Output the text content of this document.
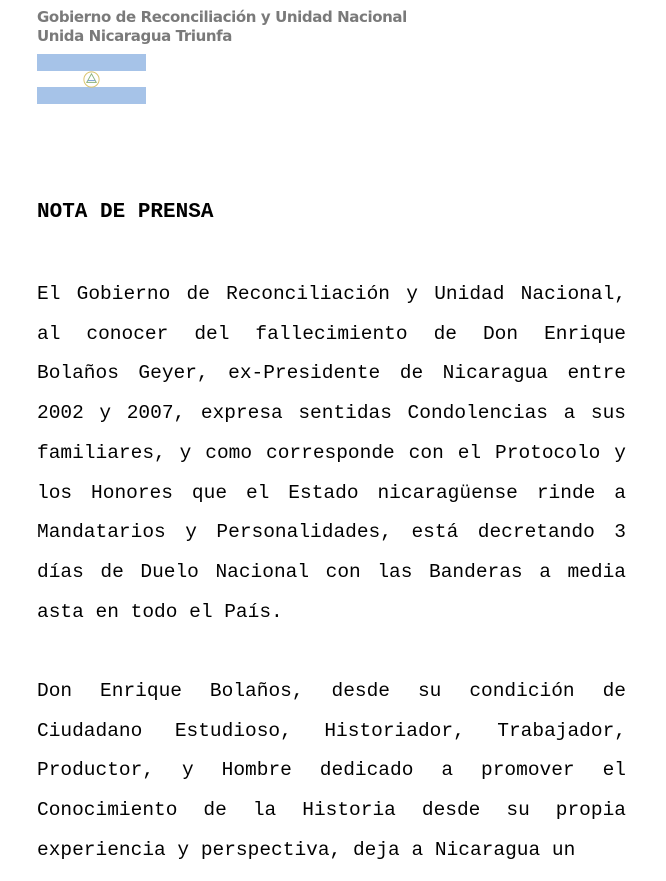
Gobierno de Reconciliación y Unidad Nacional
Unida Nicaragua Triunfa
NOTA DE PRENSA

El Gobierno de Reconciliación y Unidad Nacional, al conocer del fallecimiento de Don Enrique Bolaños Geyer, ex-Presidente de Nicaragua entre 2002 y 2007, expresa sentidas Condolencias a sus familiares, y como corresponde con el Protocolo y los Honores que el Estado nicaragüense rinde a Mandatarios y Personalidades, está decretando 3 días de Duelo Nacional con las Banderas a media asta en todo el País.

Don Enrique Bolaños, desde su condición de Ciudadano Estudioso, Historiador, Trabajador, Productor, y Hombre dedicado a promover el Conocimiento de la Historia desde su propia experiencia y perspectiva, deja a Nicaragua un
